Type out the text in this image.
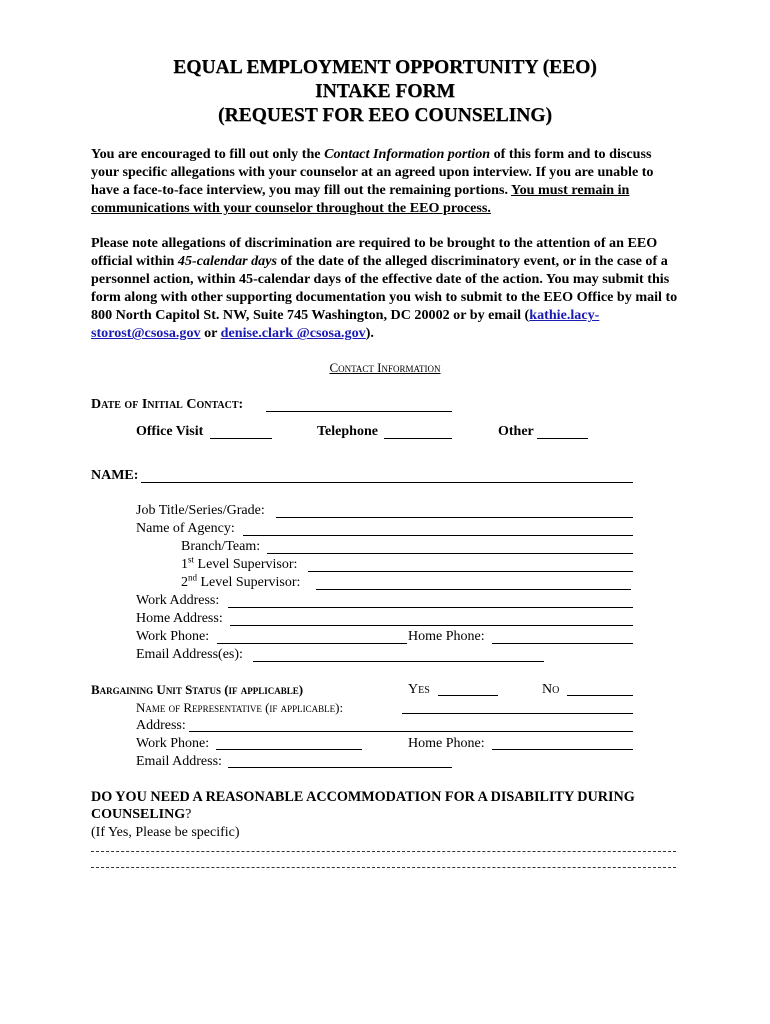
EQUAL EMPLOYMENT OPPORTUNITY (EEO)
INTAKE FORM
(REQUEST FOR EEO COUNSELING)

You are encouraged to fill out only the Contact Information portion of this form and to discuss your specific allegations with your counselor at an agreed upon interview. If you are unable to have a face-to-face interview, you may fill out the remaining portions. You must remain in communications with your counselor throughout the EEO process.

Please note allegations of discrimination are required to be brought to the attention of an EEO official within 45-calendar days of the date of the alleged discriminatory event, or in the case of a personnel action, within 45-calendar days of the effective date of the action. You may submit this form along with other supporting documentation you wish to submit to the EEO Office by mail to 800 North Capitol St. NW, Suite 745 Washington, DC 20002 or by email (kathie.lacy-storost@csosa.gov or denise.clark @csosa.gov).

Contact Information
Date of Initial Contact:
Office Visit	Telephone	Other
NAME:
Job Title/Series/Grade:
Name of Agency:
Branch/Team:
1st Level Supervisor:
2nd Level Supervisor:
Work Address:
Home Address:
Work Phone:	Home Phone:
Email Address(es):
Bargaining Unit Status (if applicable)	Yes	No
Name of Representative (if applicable):
Address:
Work Phone:	Home Phone:
Email Address:
DO YOU NEED A REASONABLE ACCOMMODATION FOR A DISABILITY DURING
COUNSELING?
(If Yes, Please be specific)
